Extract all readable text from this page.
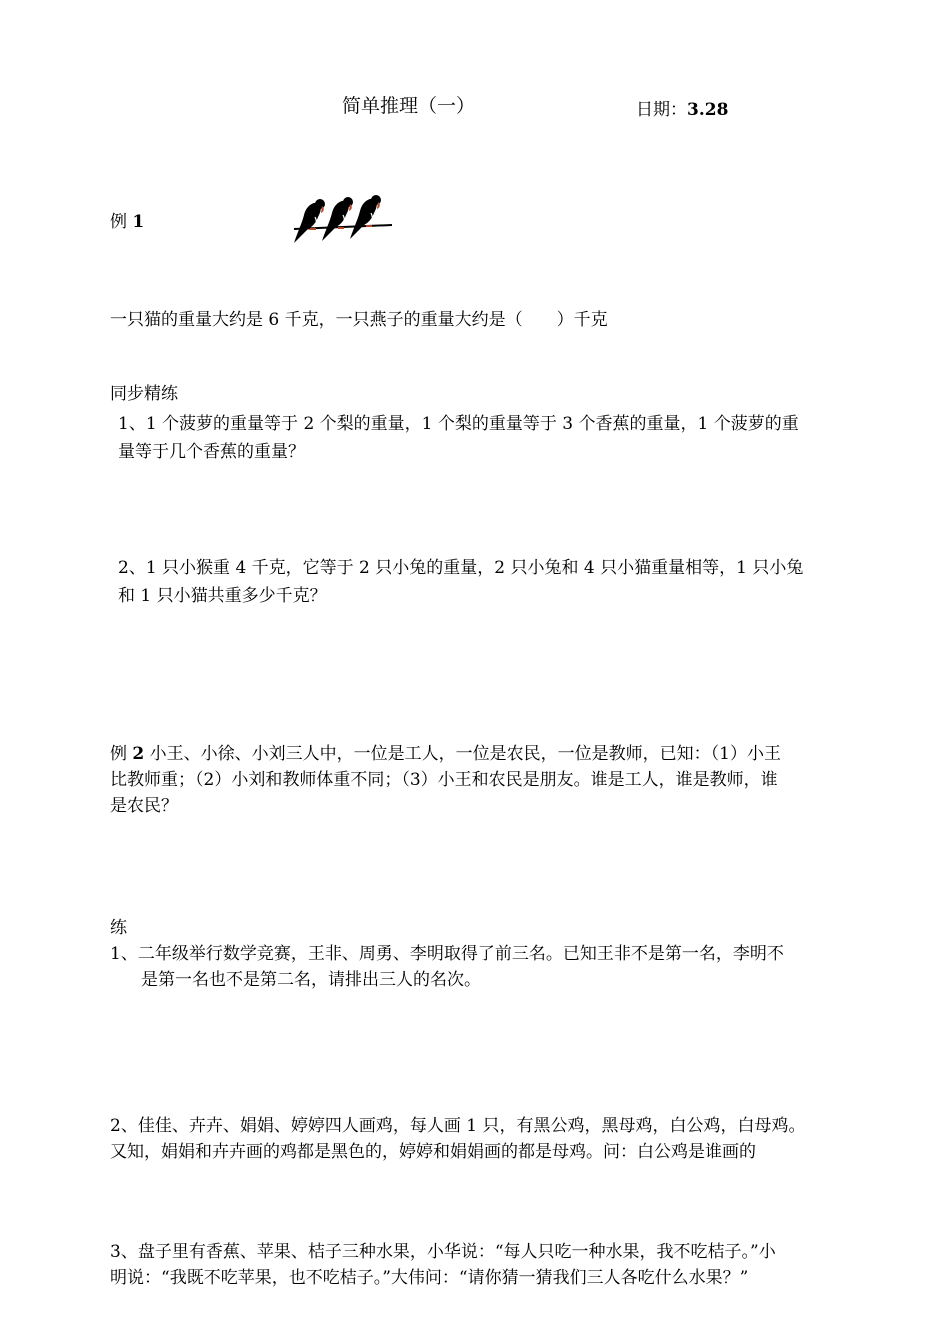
简单推理（一）	日期：3.28
例 1
一只猫的重量大约是 6 千克，一只燕子的重量大约是（　　）千克
同步精练
1、1 个菠萝的重量等于 2 个梨的重量，1 个梨的重量等于 3 个香蕉的重量，1 个菠萝的重
量等于几个香蕉的重量？
2、1 只小猴重 4 千克，它等于 2 只小兔的重量，2 只小兔和 4 只小猫重量相等，1 只小兔
和 1 只小猫共重多少千克？
例 2 小王、小徐、小刘三人中，一位是工人，一位是农民，一位是教师，已知：（1）小王
比教师重；（2）小刘和教师体重不同；（3）小王和农民是朋友。谁是工人，谁是教师，谁
是农民？
练
1、二年级举行数学竞赛，王非、周勇、李明取得了前三名。已知王非不是第一名，李明不
是第一名也不是第二名，请排出三人的名次。
2、佳佳、卉卉、娟娟、婷婷四人画鸡，每人画 1 只，有黑公鸡，黑母鸡，白公鸡，白母鸡。
又知，娟娟和卉卉画的鸡都是黑色的，婷婷和娟娟画的都是母鸡。问：白公鸡是谁画的
3、盘子里有香蕉、苹果、桔子三种水果，小华说：“每人只吃一种水果，我不吃桔子。”小
明说：“我既不吃苹果，也不吃桔子。”大伟问：“请你猜一猜我们三人各吃什么水果？”
